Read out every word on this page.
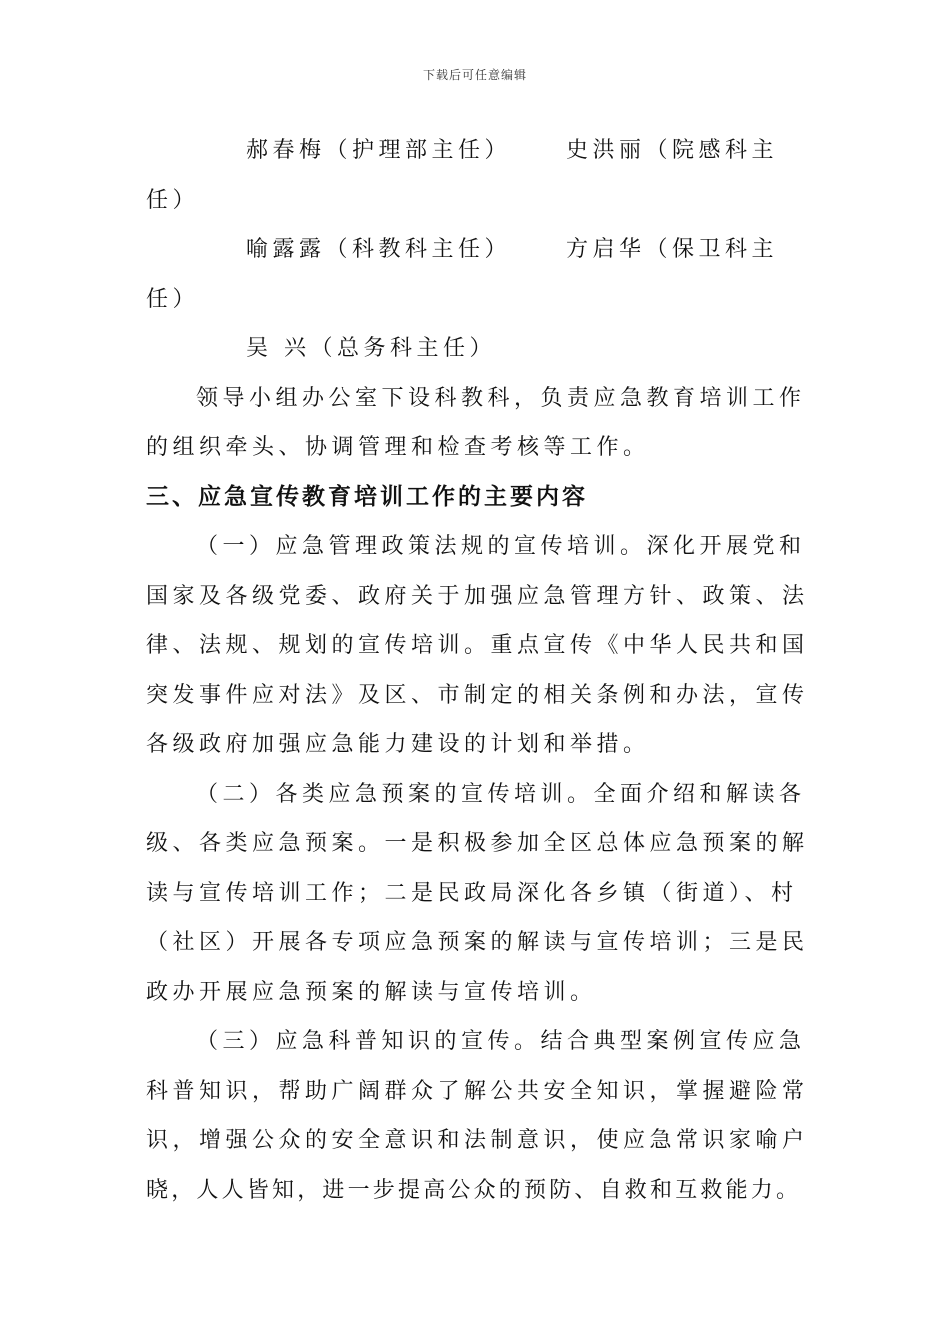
下载后可任意编辑
郝春梅（护理部主任） 史洪丽（院感科主
任）
喻露露（科教科主任） 方启华（保卫科主
任）
吴 兴（总务科主任）
领导小组办公室下设科教科，负责应急教育培训工作
的组织牵头、协调管理和检查考核等工作。
三、应急宣传教育培训工作的主要内容
（一）应急管理政策法规的宣传培训。深化开展党和
国家及各级党委、政府关于加强应急管理方针、政策、法
律、法规、规划的宣传培训。重点宣传《中华人民共和国
突发事件应对法》及区、市制定的相关条例和办法，宣传
各级政府加强应急能力建设的计划和举措。
（二）各类应急预案的宣传培训。全面介绍和解读各
级、各类应急预案。一是积极参加全区总体应急预案的解
读与宣传培训工作；二是民政局深化各乡镇（街道）、村
（社区）开展各专项应急预案的解读与宣传培训；三是民
政办开展应急预案的解读与宣传培训。
（三）应急科普知识的宣传。结合典型案例宣传应急
科普知识，帮助广阔群众了解公共安全知识，掌握避险常
识，增强公众的安全意识和法制意识，使应急常识家喻户
晓，人人皆知，进一步提高公众的预防、自救和互救能力。
